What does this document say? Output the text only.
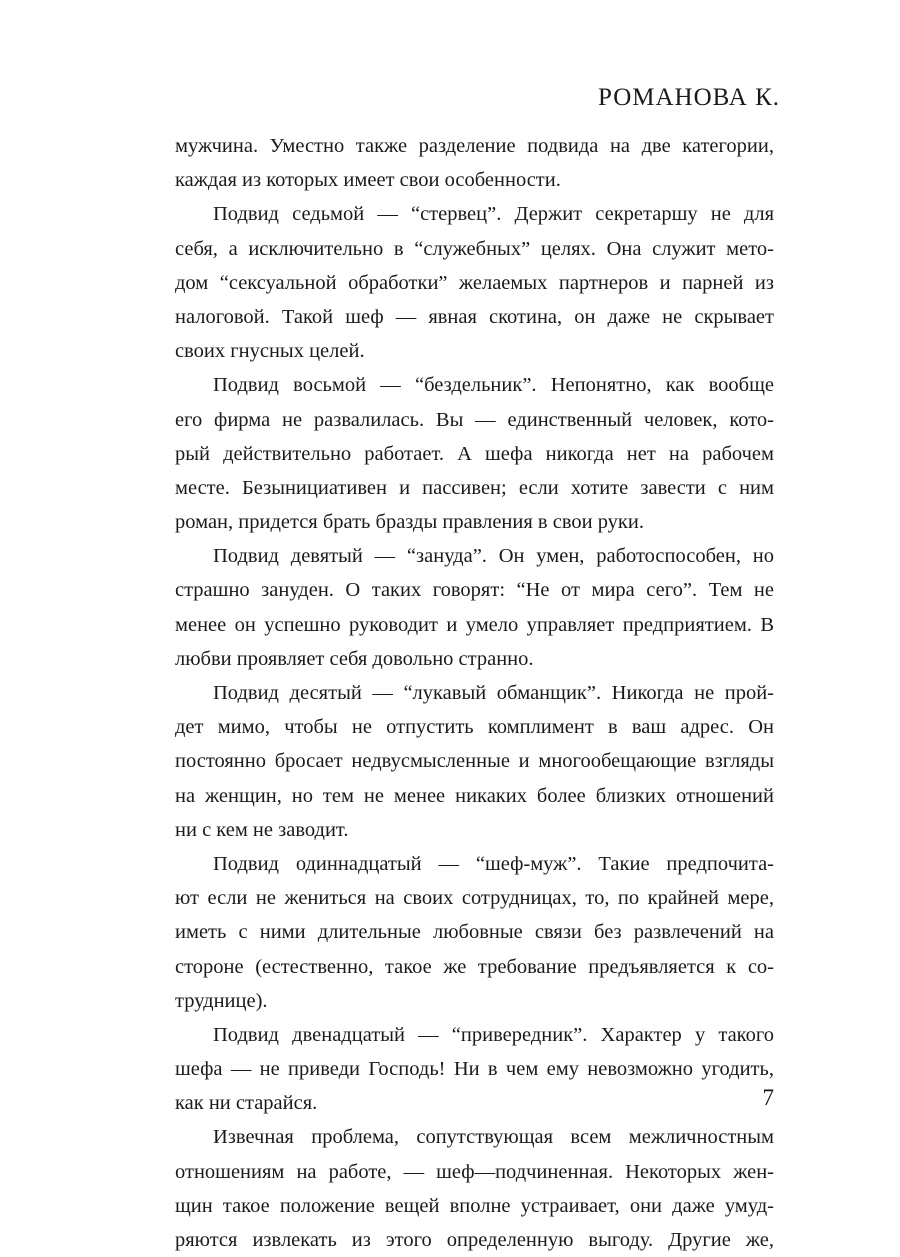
РОМАНОВА К.
мужчина. Уместно также разделение подвида на две категории,
каждая из которых имеет свои особенности.
Подвид седьмой — “стервец”. Держит секретаршу не для
себя, а исключительно в “служебных” целях. Она служит мето-
дом “сексуальной обработки” желаемых партнеров и парней из
налоговой. Такой шеф — явная скотина, он даже не скрывает
своих гнусных целей.
Подвид восьмой — “бездельник”. Непонятно, как вообще
его фирма не развалилась. Вы — единственный человек, кото-
рый действительно работает. А шефа никогда нет на рабочем
месте. Безынициативен и пассивен; если хотите завести с ним
роман, придется брать бразды правления в свои руки.
Подвид девятый — “зануда”. Он умен, работоспособен, но
страшно зануден. О таких говорят: “Не от мира сего”. Тем не
менее он успешно руководит и умело управляет предприятием. В
любви проявляет себя довольно странно.
Подвид десятый — “лукавый обманщик”. Никогда не прой-
дет мимо, чтобы не отпустить комплимент в ваш адрес. Он
постоянно бросает недвусмысленные и многообещающие взгляды
на женщин, но тем не менее никаких более близких отношений
ни с кем не заводит.
Подвид одиннадцатый — “шеф-муж”. Такие предпочита-
ют если не жениться на своих сотрудницах, то, по крайней мере,
иметь с ними длительные любовные связи без развлечений на
стороне (естественно, такое же требование предъявляется к со-
труднице).
Подвид двенадцатый — “привередник”. Характер у такого
шефа — не приведи Господь! Ни в чем ему невозможно угодить,
как ни старайся.
Извечная проблема, сопутствующая всем межличностным
отношениям на работе, — шеф—подчиненная. Некоторых жен-
щин такое положение вещей вполне устраивает, они даже умуд-
ряются извлекать из этого определенную выгоду. Другие же,
7
